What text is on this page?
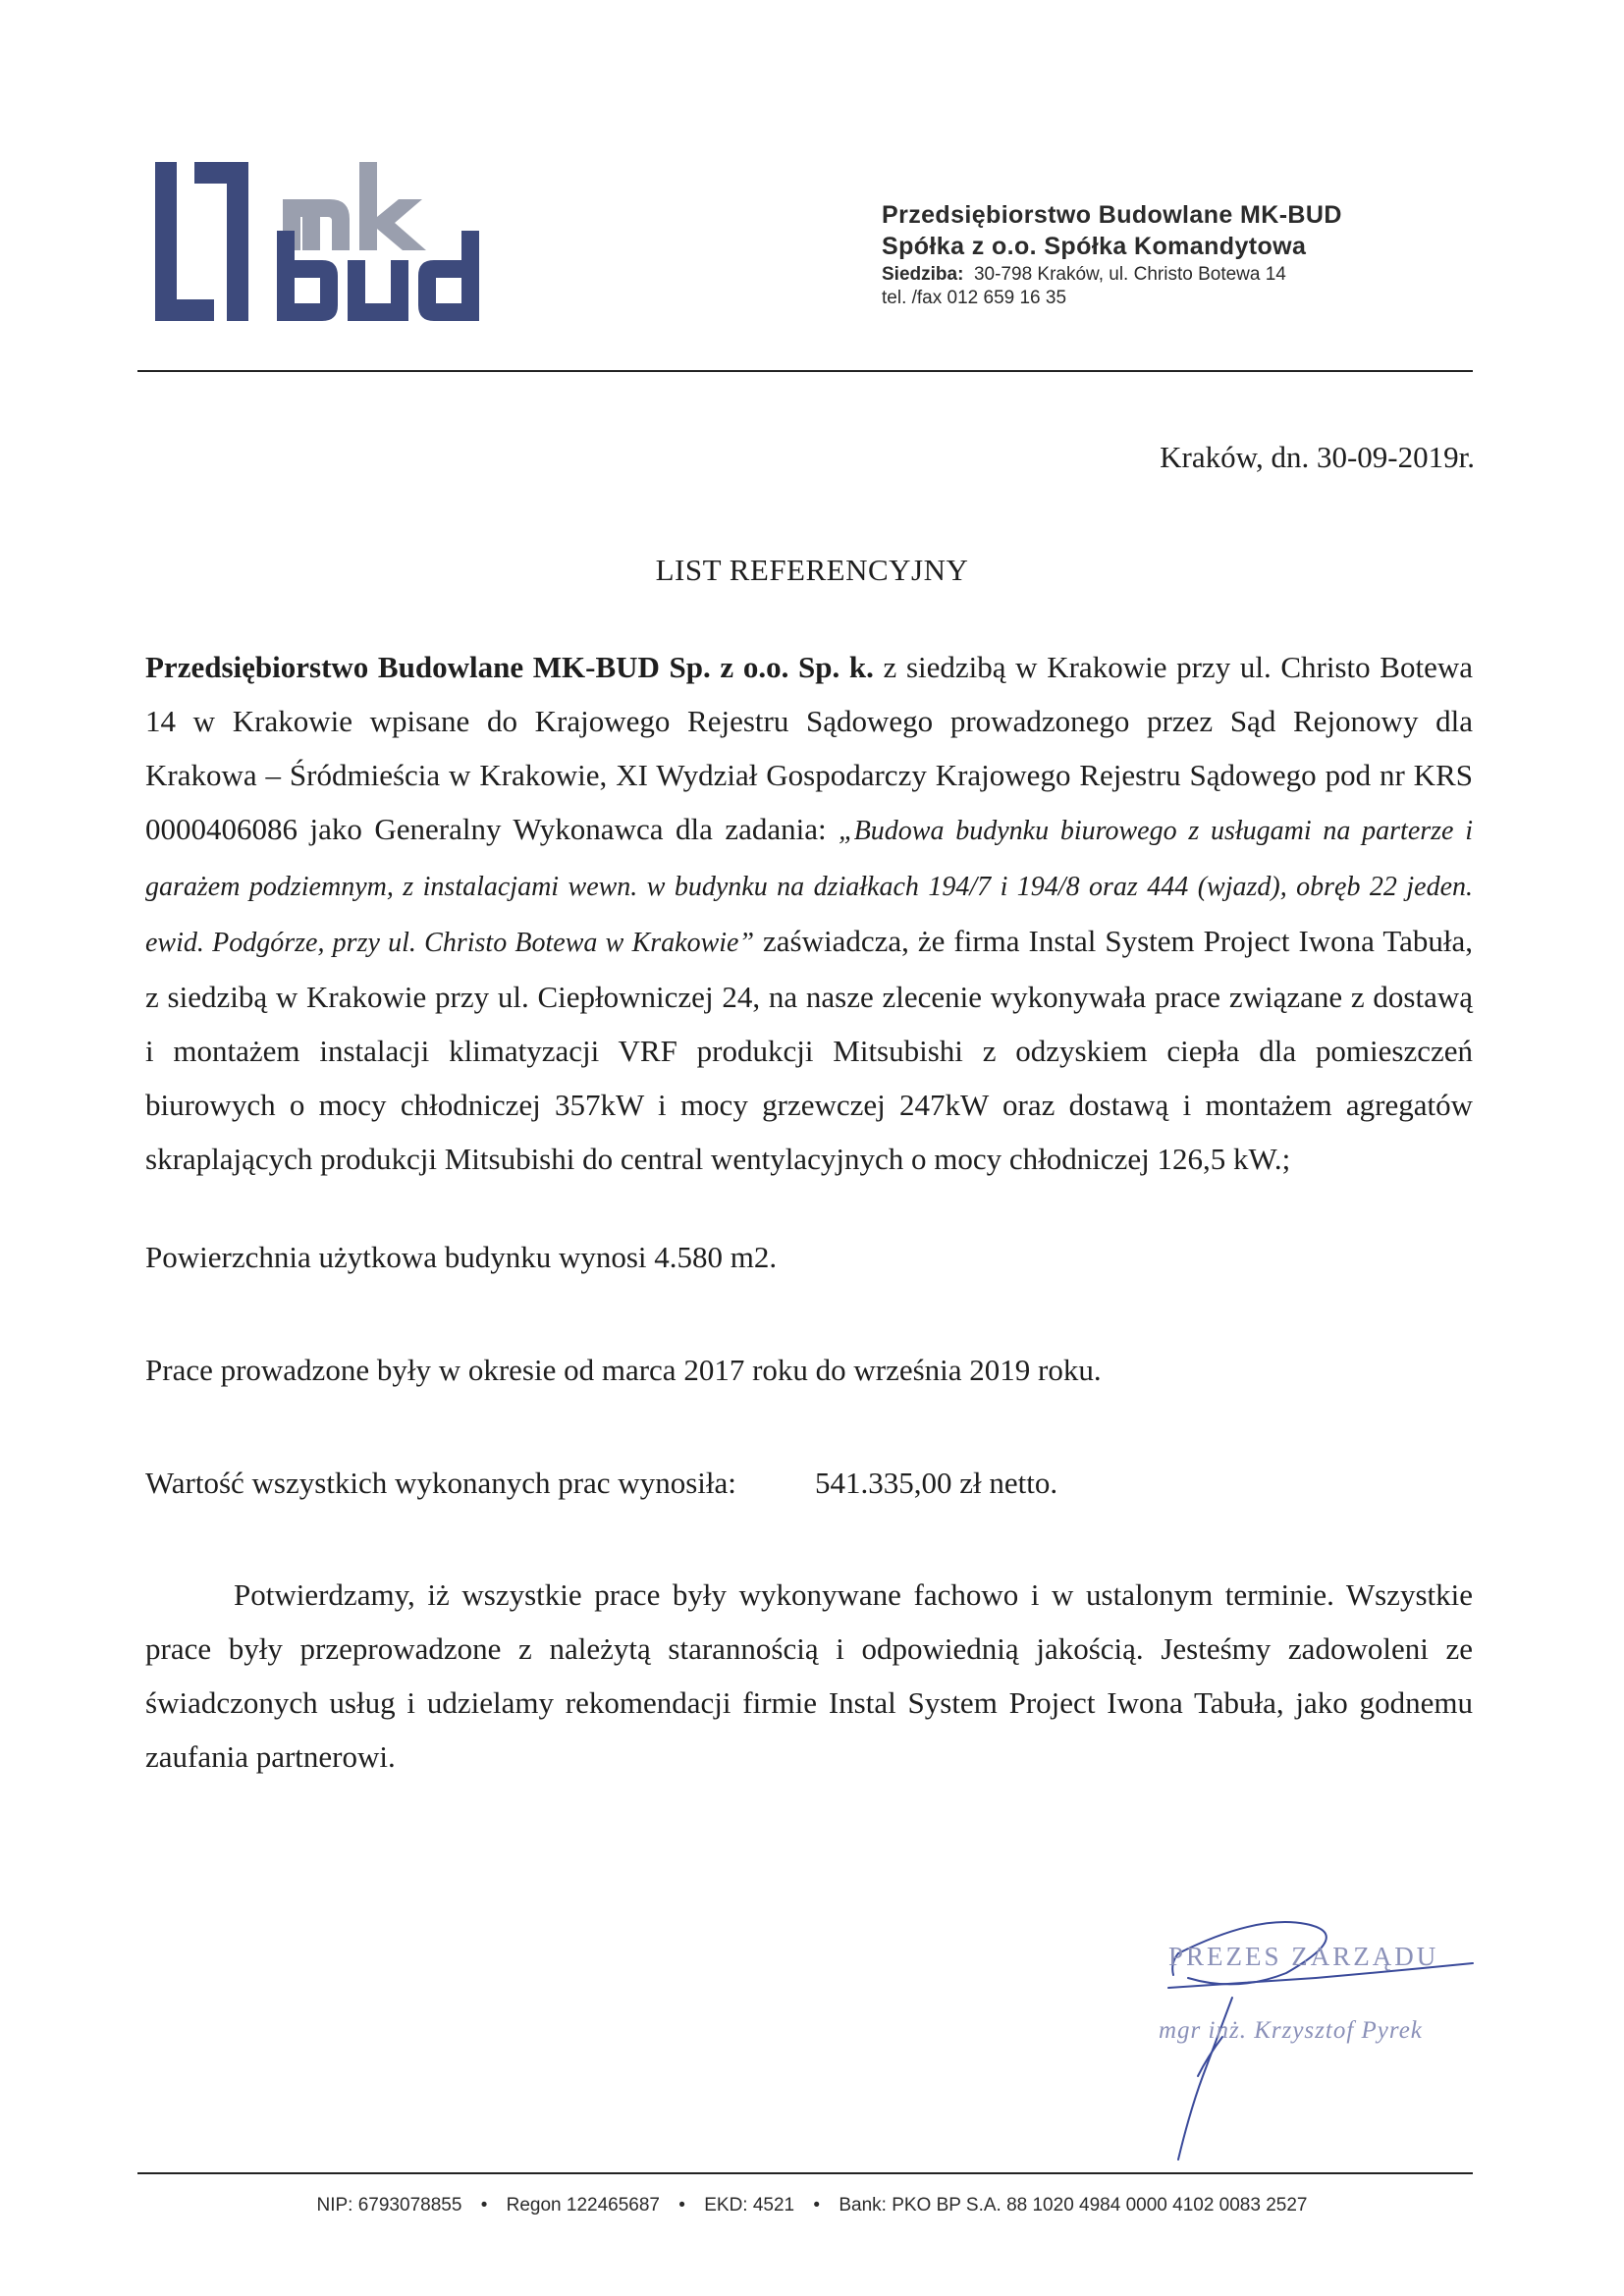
Przedsiębiorstwo Budowlane MK-BUD
Spółka z o.o. Spółka Komandytowa
Siedziba: 30-798 Kraków, ul. Christo Botewa 14
tel. /fax 012 659 16 35
Kraków, dn. 30-09-2019r.
LIST REFERENCYJNY
Przedsiębiorstwo Budowlane MK-BUD Sp. z o.o. Sp. k. z siedzibą w Krakowie przy ul. Christo Botewa 14 w Krakowie wpisane do Krajowego Rejestru Sądowego prowadzonego przez Sąd Rejonowy dla Krakowa – Śródmieścia w Krakowie, XI Wydział Gospodarczy Krajowego Rejestru Sądowego pod nr KRS 0000406086 jako Generalny Wykonawca dla zadania: „Budowa budynku biurowego z usługami na parterze i garażem podziemnym, z instalacjami wewn. w budynku na działkach 194/7 i 194/8 oraz 444 (wjazd), obręb 22 jeden. ewid. Podgórze, przy ul. Christo Botewa w Krakowie” zaświadcza, że firma Instal System Project Iwona Tabuła, z siedzibą w Krakowie przy ul. Ciepłowniczej 24, na nasze zlecenie wykonywała prace związane z dostawą i montażem instalacji klimatyzacji VRF produkcji Mitsubishi z odzyskiem ciepła dla pomieszczeń biurowych o mocy chłodniczej 357kW i mocy grzewczej 247kW oraz dostawą i montażem agregatów skraplających produkcji Mitsubishi do central wentylacyjnych o mocy chłodniczej 126,5 kW.;
Powierzchnia użytkowa budynku wynosi 4.580 m2.
Prace prowadzone były w okresie od marca 2017 roku do września 2019 roku.
Wartość wszystkich wykonanych prac wynosiła:	541.335,00 zł netto.
Potwierdzamy, iż wszystkie prace były wykonywane fachowo i w ustalonym terminie. Wszystkie prace były przeprowadzone z należytą starannością i odpowiednią jakością. Jesteśmy zadowoleni ze świadczonych usług i udzielamy rekomendacji firmie Instal System Project Iwona Tabuła, jako godnemu zaufania partnerowi.
PREZES ZARZĄDU
mgr inż. Krzysztof Pyrek
NIP: 6793078855 • Regon 122465687 • EKD: 4521 • Bank: PKO BP S.A. 88 1020 4984 0000 4102 0083 2527
